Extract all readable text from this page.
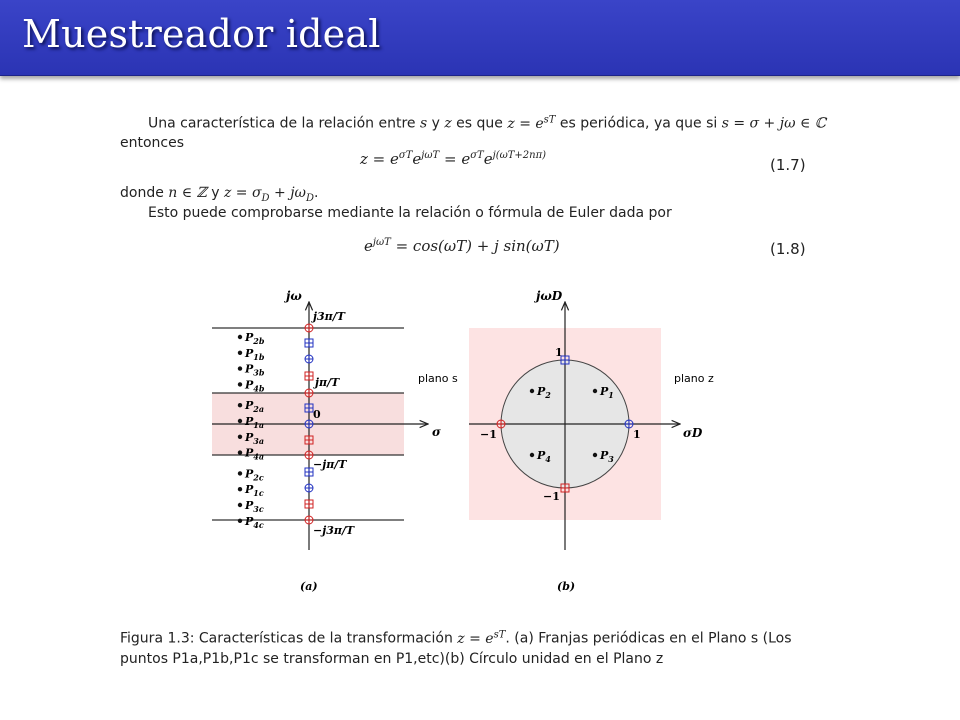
Muestreador ideal
Una característica de la relación entre s y z es que $z = e^{sT}$ es periódica, ya que si s = σ + jω ∈ ℂ
entonces
$z = e^{\sigma T}e^{j\omega T} = e^{\sigma T}e^{j(\omega T+2n\pi)}$
(1.7)
donde n ∈ ℤ y $z = \sigma_D + j\omega_D$.
Esto puede comprobarse mediante la relación o fórmula de Euler dada por
$e^{j\omega T} = \cos(\omega T) + j$ sin(ωT)	(1.8)
jω
σ
plano s
j3π/T
jπ/T
0
−jπ/T
−j3π/T
$P_{2b}$
$P_{1b}$
$P_{3b}$
$P_{4b}$
$P_{2a}$
$P_{1a}$
$P_{3a}$
$P_{4a}$
$P_{2c}$
$P_{1c}$
$P_{3c}$
$P_{4c}$
(a)
jωD
σD
plano z
1
−1	1
−1
$P_2$	$P_1$
$P_4$	$P_3$
(b)
Figura 1.3: Características de la transformación $z = e^{sT}$. (a) Franjas periódicas en el Plano s (Los
puntos P1a,P1b,P1c se transforman en P1,etc)(b) Círculo unidad en el Plano z
